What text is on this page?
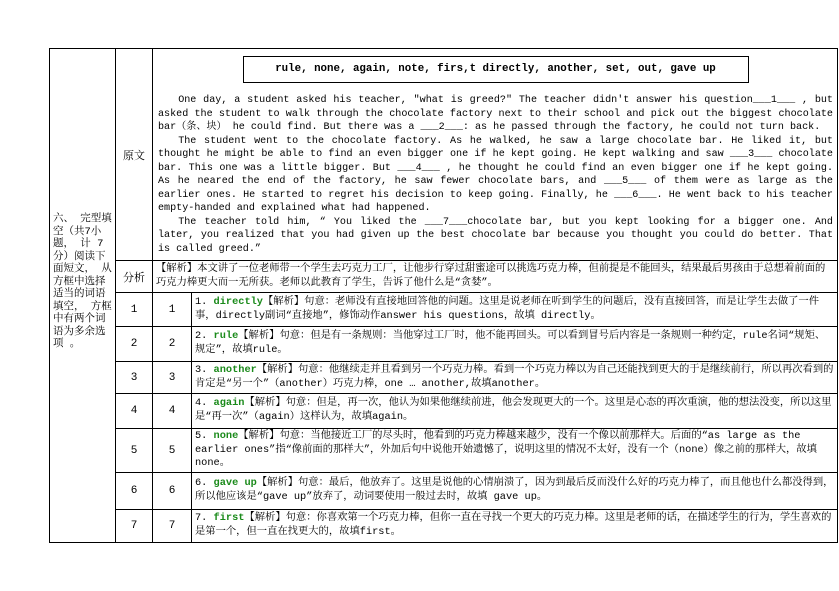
六、 完型填空（共7小题， 计 7 分）阅读下面短文， 从方框中选择适当的词语填空， 方框中有两个词语为多余选项 。	原文	rule, none, again, note, firs,t directly, another, set, out, gave up

One day, a student asked his teacher, "what is greed?" The teacher didn't answer his question___1___ , but asked the student to walk through the chocolate factory next to their school and pick out the biggest chocolate bar（条、块） he could find. But there was a ___2___: as he passed through the factory, he could not turn back.

The student went to the chocolate factory. As he walked, he saw a large chocolate bar. He liked it, but thought he might be able to find an even bigger one if he kept going. He kept walking and saw ___3___ chocolate bar. This one was a little bigger. But ___4___ , he thought he could find an even bigger one if he kept going. As he neared the end of the factory, he saw fewer chocolate bars, and ___5___ of them were as large as the earlier ones. He started to regret his decision to keep going. Finally, he ___6___. He went back to his teacher empty-handed and explained what had happened.

The teacher told him, “ You liked the ___7___chocolate bar, but you kept looking for a bigger one. And later, you realized that you had given up the best chocolate bar because you thought you could do better. That is called greed.”	

	分析	【解析】本文讲了一位老师带一个学生去巧克力工厂，让他步行穿过甜蜜途可以挑选巧克力棒，但前提是不能回头，结果最后男孩由于总想着前面的巧克力棒更大而一无所获。老师以此教育了学生，告诉了他什么是“贪婪”。	
	1	1	1. directly【解析】句意：老师没有直接地回答他的问题。这里是说老师在听到学生的问题后，没有直接回答，而是让学生去做了一件事，directly副词“直接地”，修饰动作answer his questions，故填 directly。
	2	2	2. rule【解析】句意：但是有一条规则：当他穿过工厂时，他不能再回头。可以看到冒号后内容是一条规则一种约定，rule名词“规矩、规定”，故填rule。
	3	3	3. another【解析】句意：他继续走并且看到另一个巧克力棒。看到一个巧克力棒以为自己还能找到更大的于是继续前行，所以再次看到的肯定是“另一个”（another）巧克力棒，one … another,故填another。
	4	4	4. again【解析】句意：但是，再一次，他认为如果他继续前进，他会发现更大的一个。这里是心态的再次重演，他的想法没变，所以这里是“再一次”（again）这样认为，故填again。
	5	5	5. none【解析】句意：当他接近工厂的尽头时，他看到的巧克力棒越来越少，没有一个像以前那样大。后面的“as large as the earlier ones”指“像前面的那样大”，外加后句中说他开始遗憾了，说明这里的情况不太好，没有一个（none）像之前的那样大，故填none。
	6	6	6. gave up【解析】句意：最后，他放弃了。这里是说他的心情崩溃了，因为到最后反而没什么好的巧克力棒了，而且他也什么都没得到，所以他应该是“gave up”放弃了，动词要使用一般过去时，故填 gave up。
	7	7	7. first【解析】句意：你喜欢第一个巧克力棒，但你一直在寻找一个更大的巧克力棒。这里是老师的话，在描述学生的行为，学生喜欢的是第一个，但一直在找更大的，故填first。
